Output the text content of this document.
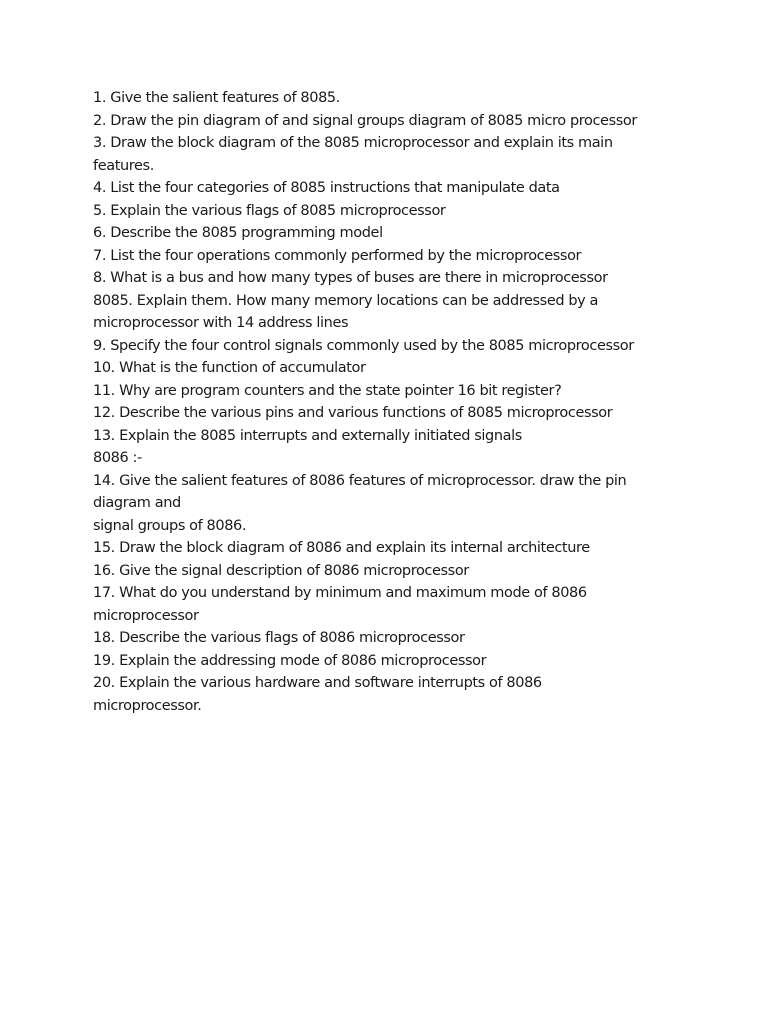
1. Give the salient features of 8085.
2. Draw the pin diagram of and signal groups diagram of 8085 micro processor
3. Draw the block diagram of the 8085 microprocessor and explain its main
features.
4. List the four categories of 8085 instructions that manipulate data
5. Explain the various flags of 8085 microprocessor
6. Describe the 8085 programming model
7. List the four operations commonly performed by the microprocessor
8. What is a bus and how many types of buses are there in microprocessor
8085. Explain them. How many memory locations can be addressed by a
microprocessor with 14 address lines
9. Specify the four control signals commonly used by the 8085 microprocessor
10. What is the function of accumulator
11. Why are program counters and the state pointer 16 bit register?
12. Describe the various pins and various functions of 8085 microprocessor
13. Explain the 8085 interrupts and externally initiated signals
8086 :-
14. Give the salient features of 8086 features of microprocessor. draw the pin
diagram and
signal groups of 8086.
15. Draw the block diagram of 8086 and explain its internal architecture
16. Give the signal description of 8086 microprocessor
17. What do you understand by minimum and maximum mode of 8086
microprocessor
18. Describe the various flags of 8086 microprocessor
19. Explain the addressing mode of 8086 microprocessor
20. Explain the various hardware and software interrupts of 8086
microprocessor.
